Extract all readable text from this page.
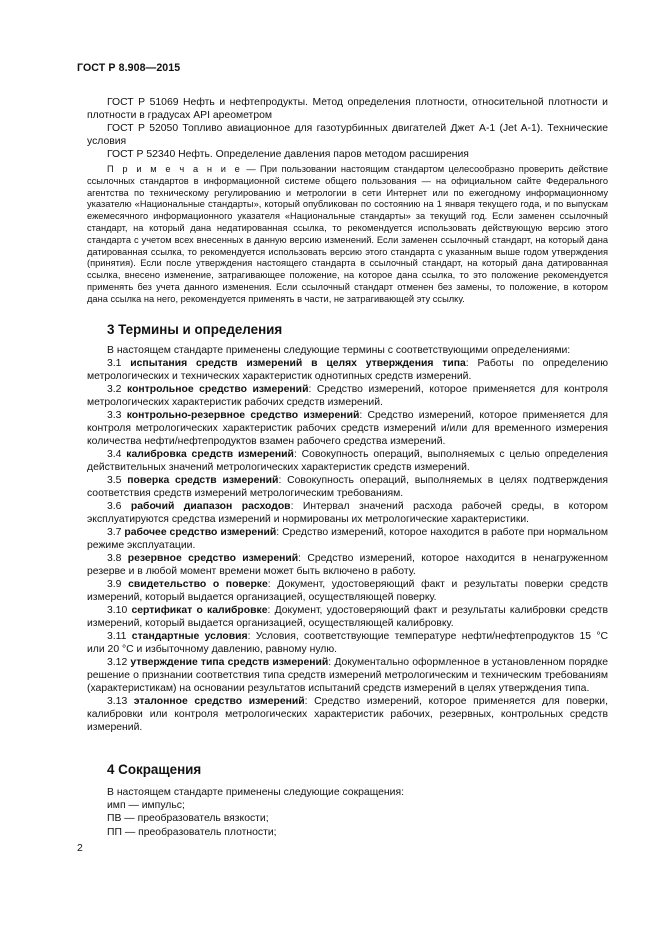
ГОСТ Р 8.908—2015

ГОСТ Р 51069 Нефть и нефтепродукты. Метод определения плотности, относительной плотности и плотности в градусах API ареометром

ГОСТ Р 52050 Топливо авиационное для газотурбинных двигателей Джет А-1 (Jet A-1). Технические условия

ГОСТ Р 52340 Нефть. Определение давления паров методом расширения

П р и м е ч а н и е — При пользовании настоящим стандартом целесообразно проверить действие ссылочных стандартов в информационной системе общего пользования — на официальном сайте Федерального агентства по техническому регулированию и метрологии в сети Интернет или по ежегодному информационному указателю «Национальные стандарты», который опубликован по состоянию на 1 января текущего года, и по выпускам ежемесячного информационного указателя «Национальные стандарты» за текущий год. Если заменен ссылочный стандарт, на который дана недатированная ссылка, то рекомендуется использовать действующую версию этого стандарта с учетом всех внесенных в данную версию изменений. Если заменен ссылочный стандарт, на который дана датированная ссылка, то рекомендуется использовать версию этого стандарта с указанным выше годом утверждения (принятия). Если после утверждения настоящего стандарта в ссылочный стандарт, на который дана датированная ссылка, внесено изменение, затрагивающее положение, на которое дана ссылка, то это положение рекомендуется применять без учета данного изменения. Если ссылочный стандарт отменен без замены, то положение, в котором дана ссылка на него, рекомендуется применять в части, не затрагивающей эту ссылку.

3 Термины и определения

В настоящем стандарте применены следующие термины с соответствующими определениями:

3.1 испытания средств измерений в целях утверждения типа: Работы по определению метрологических и технических характеристик однотипных средств измерений.

3.2 контрольное средство измерений: Средство измерений, которое применяется для контроля метрологических характеристик рабочих средств измерений.

3.3 контрольно-резервное средство измерений: Средство измерений, которое применяется для контроля метрологических характеристик рабочих средств измерений и/или для временного измерения количества нефти/нефтепродуктов взамен рабочего средства измерений.

3.4 калибровка средств измерений: Совокупность операций, выполняемых с целью определения действительных значений метрологических характеристик средств измерений.

3.5 поверка средств измерений: Совокупность операций, выполняемых в целях подтверждения соответствия средств измерений метрологическим требованиям.

3.6 рабочий диапазон расходов: Интервал значений расхода рабочей среды, в котором эксплуатируются средства измерений и нормированы их метрологические характеристики.

3.7 рабочее средство измерений: Средство измерений, которое находится в работе при нормальном режиме эксплуатации.

3.8 резервное средство измерений: Средство измерений, которое находится в ненагруженном резерве и в любой момент времени может быть включено в работу.

3.9 свидетельство о поверке: Документ, удостоверяющий факт и результаты поверки средств измерений, который выдается организацией, осуществляющей поверку.

3.10 сертификат о калибровке: Документ, удостоверяющий факт и результаты калибровки средств измерений, который выдается организацией, осуществляющей калибровку.

3.11 стандартные условия: Условия, соответствующие температуре нефти/нефтепродуктов 15 °C или 20 °C и избыточному давлению, равному нулю.

3.12 утверждение типа средств измерений: Документально оформленное в установленном порядке решение о признании соответствия типа средств измерений метрологическим и техническим требованиям (характеристикам) на основании результатов испытаний средств измерений в целях утверждения типа.

3.13 эталонное средство измерений: Средство измерений, которое применяется для поверки, калибровки или контроля метрологических характеристик рабочих, резервных, контрольных средств измерений.

4 Сокращения
В настоящем стандарте применены следующие сокращения:
имп — импульс;
ПВ — преобразователь вязкости;
ПП — преобразователь плотности;
2
